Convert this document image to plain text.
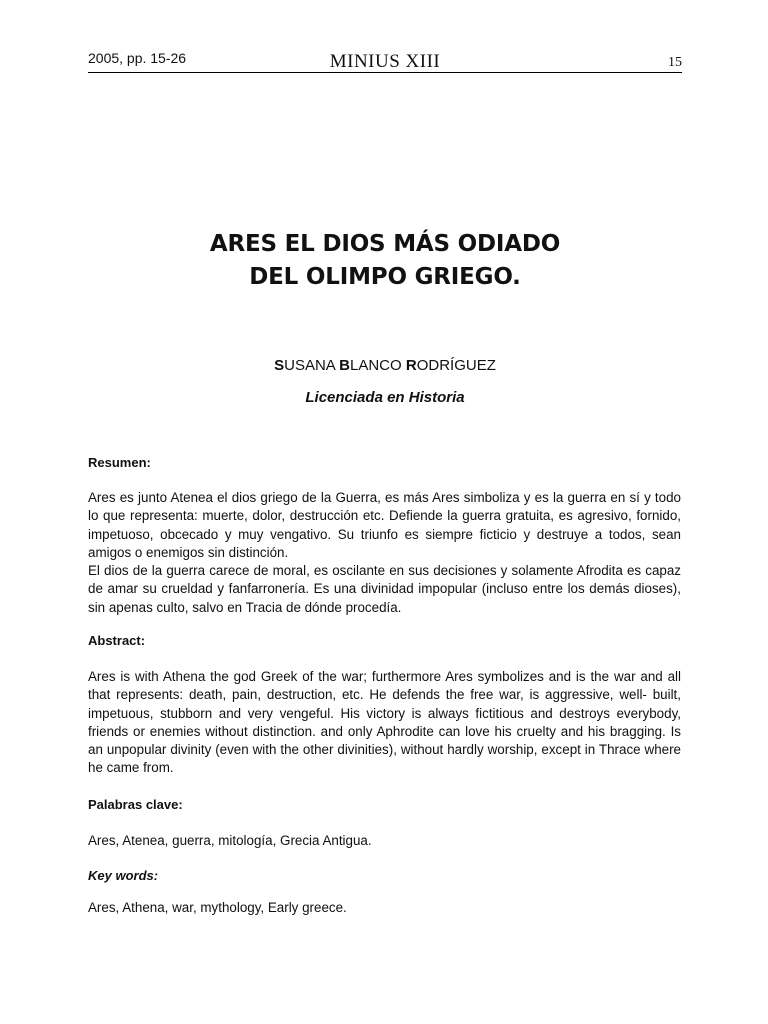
2005, pp. 15-26	MINIUS XIII	15
ARES EL DIOS MÁS ODIADO
DEL OLIMPO GRIEGO.
SUSANA BLANCO RODRÍGUEZ
Licenciada en Historia
Resumen:

Ares es junto Atenea el dios griego de la Guerra, es más Ares simboliza y es la guerra en sí y todo lo que representa: muerte, dolor, destrucción etc. Defiende la guerra gratuita, es agresivo, fornido, impetuoso, obcecado y muy vengativo. Su triunfo es siempre ficticio y destruye a todos, sean amigos o enemigos sin distinción.

El dios de la guerra carece de moral, es oscilante en sus decisiones y solamente Afrodita es capaz de amar su crueldad y fanfarronería. Es una divinidad impopular (incluso entre los demás dioses), sin apenas culto, salvo en Tracia de dónde procedía.

Abstract:

Ares is with Athena the god Greek of the war; furthermore Ares symbolizes and is the war and all that represents: death, pain, destruction, etc. He defends the free war, is aggressive, well- built, impetuous, stubborn and very vengeful. His victory is always fictitious and destroys everybody, friends or enemies without distinction. and only Aphrodite can love his cruelty and his bragging. Is an unpopular divinity (even with the other divinities), without hardly worship, except in Thrace where he came from.

Palabras clave:

Ares, Atenea, guerra, mitología, Grecia Antigua.

Key words:

Ares, Athena, war, mythology, Early greece.
